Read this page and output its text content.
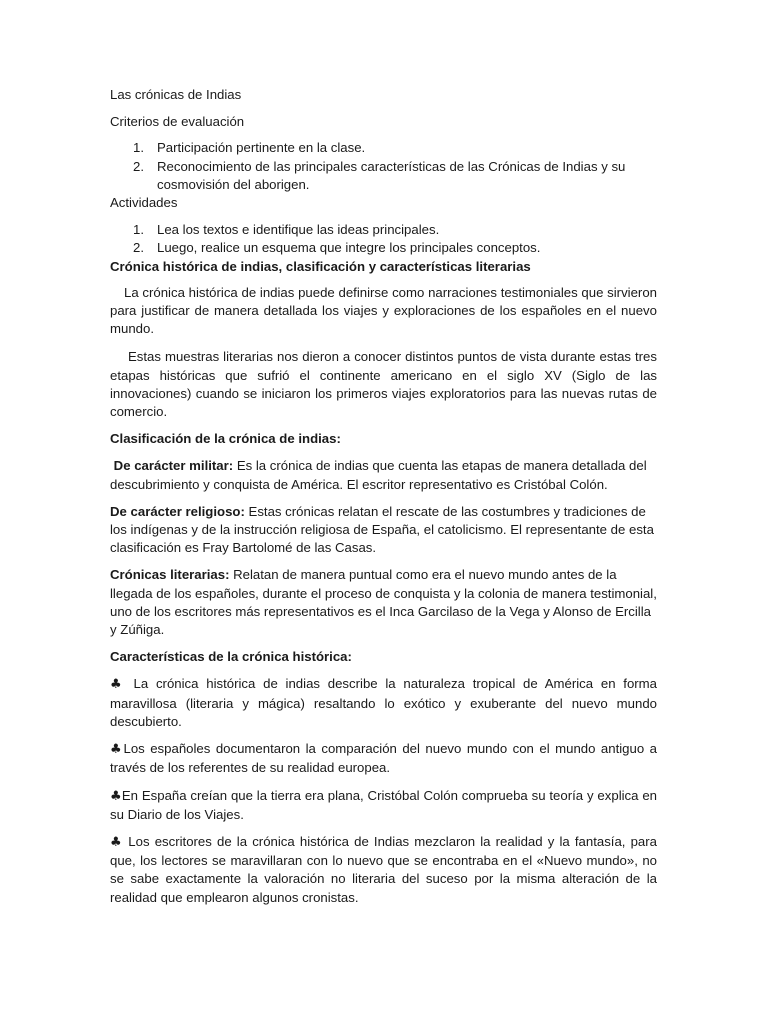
Las crónicas de Indias

Criterios de evaluación

1. Participación pertinente en la clase.
2. Reconocimiento de las principales características de las Crónicas de Indias y su cosmovisión del aborigen.

Actividades

1. Lea los textos e identifique las ideas principales.
2. Luego, realice un esquema que integre los principales conceptos.

Crónica histórica de indias, clasificación y características literarias

La crónica histórica de indias puede definirse como narraciones testimoniales que sirvieron para justificar de manera detallada los viajes y exploraciones de los españoles en el nuevo mundo.

Estas muestras literarias nos dieron a conocer distintos puntos de vista durante estas tres etapas históricas que sufrió el continente americano en el siglo XV (Siglo de las innovaciones) cuando se iniciaron los primeros viajes exploratorios para las nuevas rutas de comercio.

Clasificación de la crónica de indias:

De carácter militar: Es la crónica de indias que cuenta las etapas de manera detallada del descubrimiento y conquista de América. El escritor representativo es Cristóbal Colón.

De carácter religioso: Estas crónicas relatan el rescate de las costumbres y tradiciones de los indígenas y de la instrucción religiosa de España, el catolicismo. El representante de esta clasificación es Fray Bartolomé de las Casas.

Crónicas literarias: Relatan de manera puntual como era el nuevo mundo antes de la llegada de los españoles, durante el proceso de conquista y la colonia de manera testimonial, uno de los escritores más representativos es el Inca Garcilaso de la Vega y Alonso de Ercilla y Zúñiga.

Características de la crónica histórica:

♣ La crónica histórica de indias describe la naturaleza tropical de América en forma maravillosa (literaria y mágica) resaltando lo exótico y exuberante del nuevo mundo descubierto.

♣Los españoles documentaron la comparación del nuevo mundo con el mundo antiguo a través de los referentes de su realidad europea.

♣En España creían que la tierra era plana, Cristóbal Colón comprueba su teoría y explica en su Diario de los Viajes.

♣ Los escritores de la crónica histórica de Indias mezclaron la realidad y la fantasía, para que, los lectores se maravillaran con lo nuevo que se encontraba en el «Nuevo mundo», no se sabe exactamente la valoración no literaria del suceso por la misma alteración de la realidad que emplearon algunos cronistas.
